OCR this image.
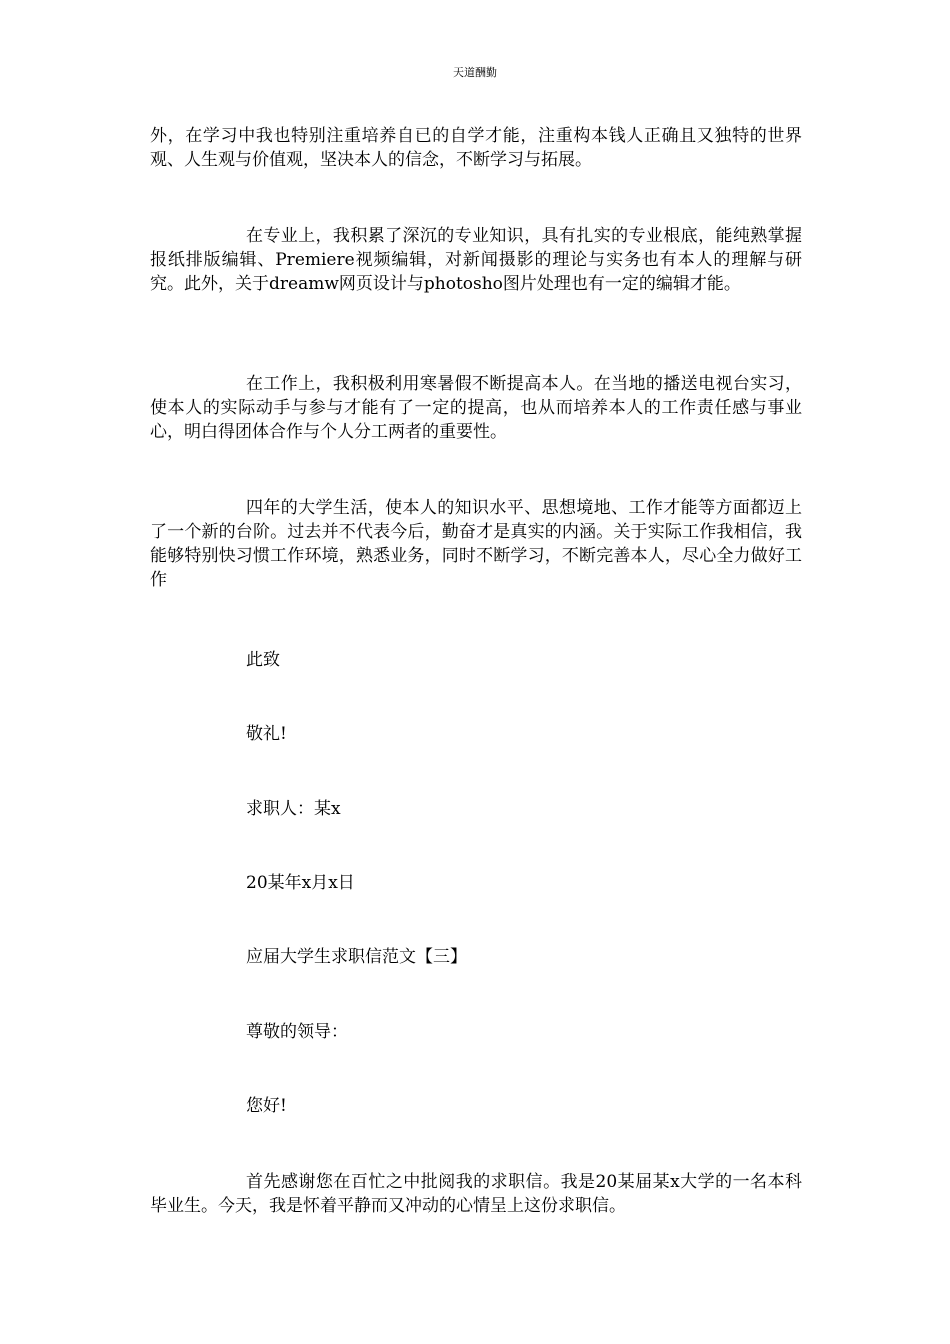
天道酬勤

外，在学习中我也特别注重培养自已的自学才能，注重构本钱人正确且又独特的世界观、人生观与价值观，坚决本人的信念，不断学习与拓展。

在专业上，我积累了深沉的专业知识，具有扎实的专业根底，能纯熟掌握报纸排版编辑、Premiere视频编辑，对新闻摄影的理论与实务也有本人的理解与研究。此外，关于dreamw网页设计与photosho图片处理也有一定的编辑才能。

在工作上，我积极利用寒暑假不断提高本人。在当地的播送电视台实习，使本人的实际动手与参与才能有了一定的提高，也从而培养本人的工作责任感与事业心，明白得团体合作与个人分工两者的重要性。

四年的大学生活，使本人的知识水平、思想境地、工作才能等方面都迈上了一个新的台阶。过去并不代表今后，勤奋才是真实的内涵。关于实际工作我相信，我能够特别快习惯工作环境，熟悉业务，同时不断学习，不断完善本人，尽心全力做好工作

此致

敬礼!

求职人：某x

20某年x月x日

应届大学生求职信范文【三】

尊敬的领导：

您好!

首先感谢您在百忙之中批阅我的求职信。我是20某届某x大学的一名本科毕业生。今天，我是怀着平静而又冲动的心情呈上这份求职信。
